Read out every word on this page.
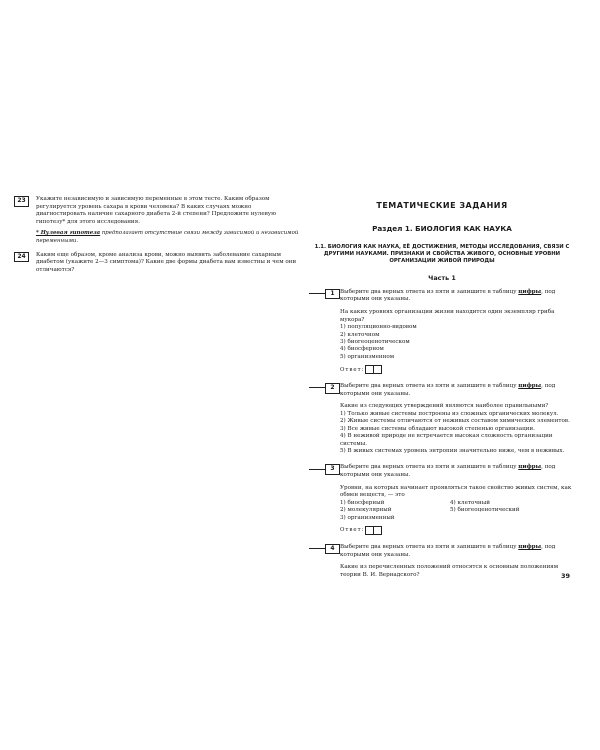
23	Укажите независимую и зависимую переменные в этом тесте. Каким образом регулируется уровень сахара в крови человека? В каких случаях можно диагностировать наличие сахарного диабета 2-й степени? Предложите нулевую гипотезу* для этого исследования.

* Нулевая гипотеза предполагает отсутствие связи между зависимой и независимой переменными.

24	Каким еще образом, кроме анализа крови, можно выявить заболевание сахарным диабетом (укажите 2—3 симптома)? Какие две формы диабета вам известны и чем они отличаются?

ТЕМАТИЧЕСКИЕ ЗАДАНИЯ
Раздел 1. БИОЛОГИЯ КАК НАУКА
1.1. БИОЛОГИЯ КАК НАУКА, ЕЁ ДОСТИЖЕНИЯ, МЕТОДЫ ИССЛЕДОВАНИЯ, СВЯЗИ С ДРУГИМИ НАУКАМИ. ПРИЗНАКИ И СВОЙСТВА ЖИВОГО, ОСНОВНЫЕ УРОВНИ ОРГАНИЗАЦИИ ЖИВОЙ ПРИРОДЫ
Часть 1
1 Выберите два верных ответа из пяти и запишите в таблицу цифры, под которыми они указаны.

На каких уровнях организации жизни находится один экземпляр гриба мукора?

1) популяционно-видовом
2) клеточном
3) биогеоценотическом
4) биосферном
5) организменном
Ответ:
2 Выберите два верных ответа из пяти и запишите в таблицу цифры, под которыми они указаны.

Какие из следующих утверждений являются наиболее правильными?

1) Только живые системы построены из сложных органических молекул.
2) Живые системы отличаются от неживых составом химических элементов.
3) Все живые системы обладают высокой степенью организации.
4) В неживой природе не встречается высокая сложность организации системы.
5) В живых системах уровень энтропии значительно ниже, чем в неживых.
3 Выберите два верных ответа из пяти и запишите в таблицу цифры, под которыми они указаны.

Уровни, на которых начинает проявляться такое свойство живых систем, как обмен веществ, — это

1) биосферный
2) молекулярный
3) организменный
4) клеточный
5) биогеоценотический
Ответ:
4 Выберите два верных ответа из пяти и запишите в таблицу цифры, под которыми они указаны.

Какие из перечисленных положений относятся к основным положениям теории В. И. Вернадского?	39
